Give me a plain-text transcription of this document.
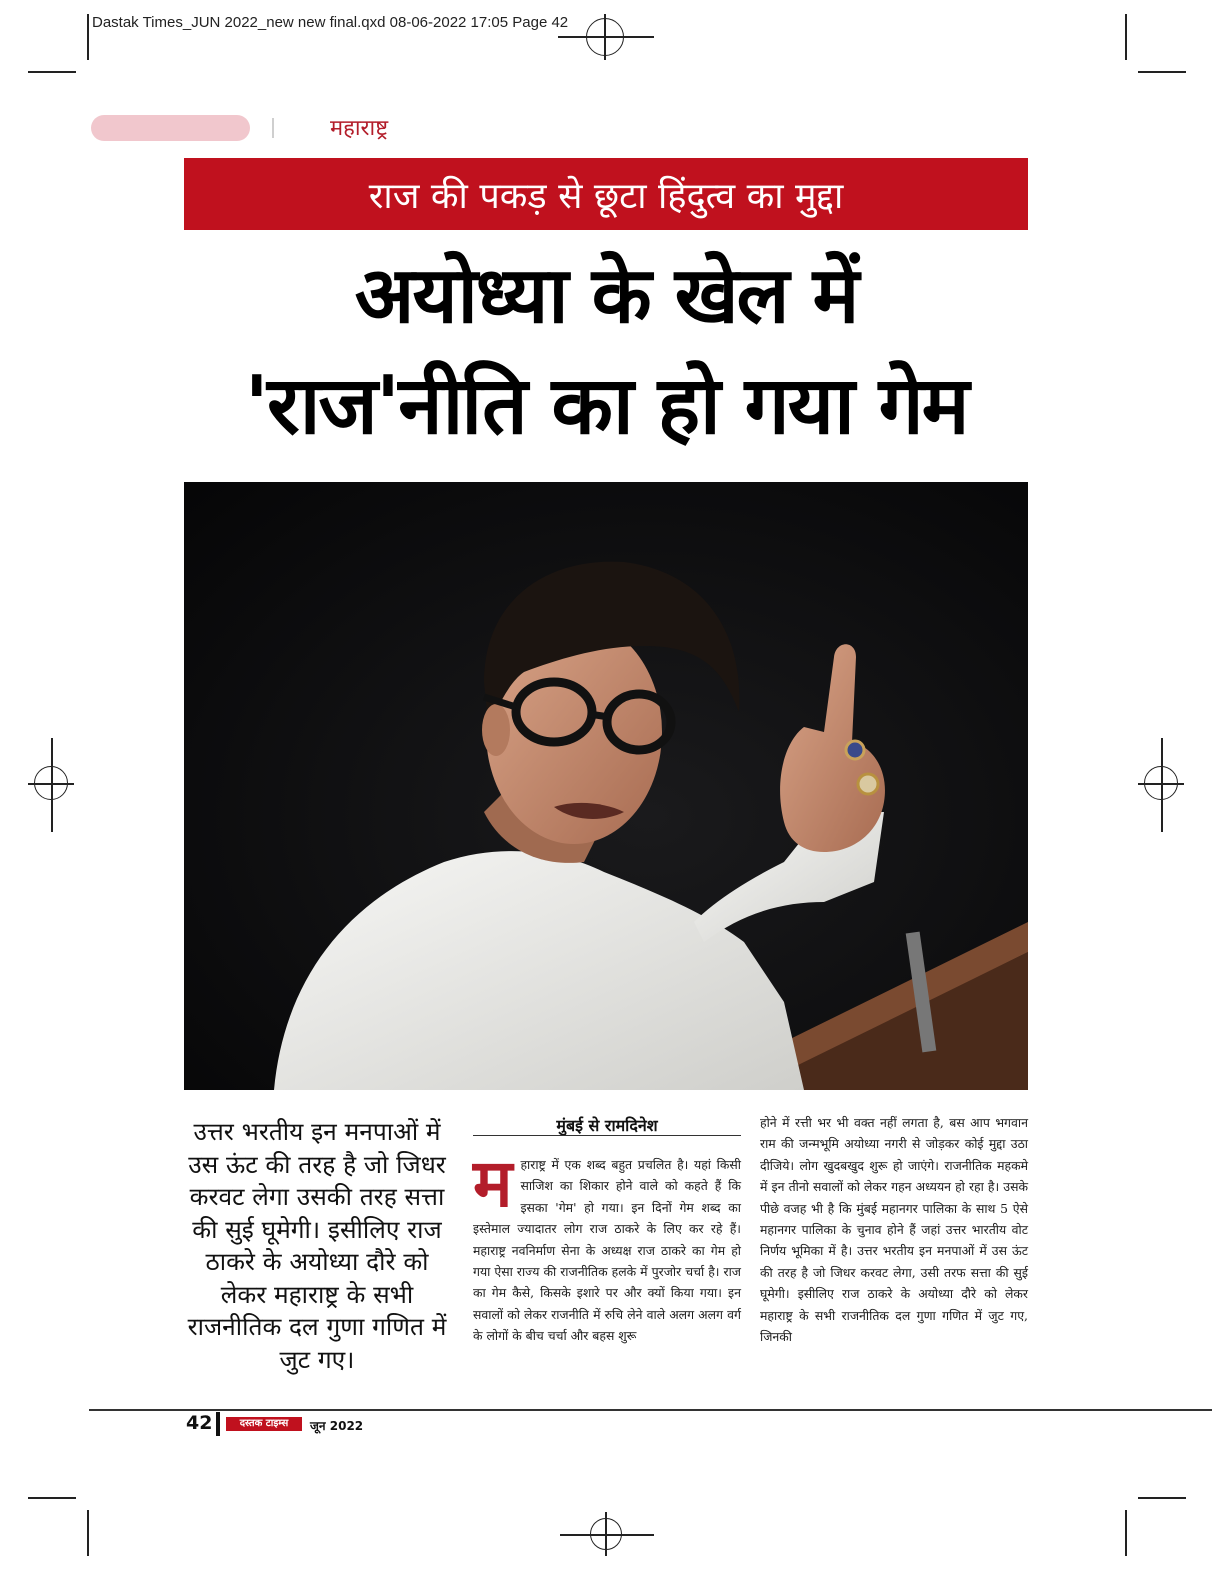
Dastak Times_JUN 2022_new new final.qxd 08-06-2022 17:05 Page 42
महाराष्ट्र
राज की पकड़ से छूटा हिंदुत्व का मुद्दा
अयोध्या के खेल में
'राज'नीति का हो गया गेम
उत्तर भरतीय इन मनपाओं में उस ऊंट की तरह है जो जिधर करवट लेगा उसकी तरह सत्ता की सुई घूमेगी। इसीलिए राज ठाकरे के अयोध्या दौरे को लेकर महाराष्ट्र के सभी राजनीतिक दल गुणा गणित में जुट गए।
मुंबई से रामदिनेश
महाराष्ट्र में एक शब्द बहुत प्रचलित है। यहां किसी साजिश का शिकार होने वाले को कहते हैं कि इसका 'गेम' हो गया। इन दिनों गेम शब्द का इस्तेमाल ज्यादातर लोग राज ठाकरे के लिए कर रहे हैं। महाराष्ट्र नवनिर्माण सेना के अध्यक्ष राज ठाकरे का गेम हो गया ऐसा राज्य की राजनीतिक हलके में पुरजोर चर्चा है। राज का गेम कैसे, किसके इशारे पर और क्यों किया गया। इन सवालों को लेकर राजनीति में रुचि लेने वाले अलग अलग वर्ग के लोगों के बीच चर्चा और बहस शुरू
होने में रत्ती भर भी वक्त नहीं लगता है, बस आप भगवान राम की जन्मभूमि अयोध्या नगरी से जोड़कर कोई मुद्दा उठा दीजिये। लोग खुदबखुद शुरू हो जाएंगे। राजनीतिक महकमे में इन तीनो सवालों को लेकर गहन अध्ययन हो रहा है। उसके पीछे वजह भी है कि मुंबई महानगर पालिका के साथ 5 ऐसे महानगर पालिका के चुनाव होने हैं जहां उत्तर भारतीय वोट निर्णय भूमिका में है। उत्तर भरतीय इन मनपाओं में उस ऊंट की तरह है जो जिधर करवट लेगा, उसी तरफ सत्ता की सुई घूमेगी। इसीलिए राज ठाकरे के अयोध्या दौरे को लेकर महाराष्ट्र के सभी राजनीतिक दल गुणा गणित में जुट गए, जिनकी
42	दस्तक टाइम्स	जून 2022
